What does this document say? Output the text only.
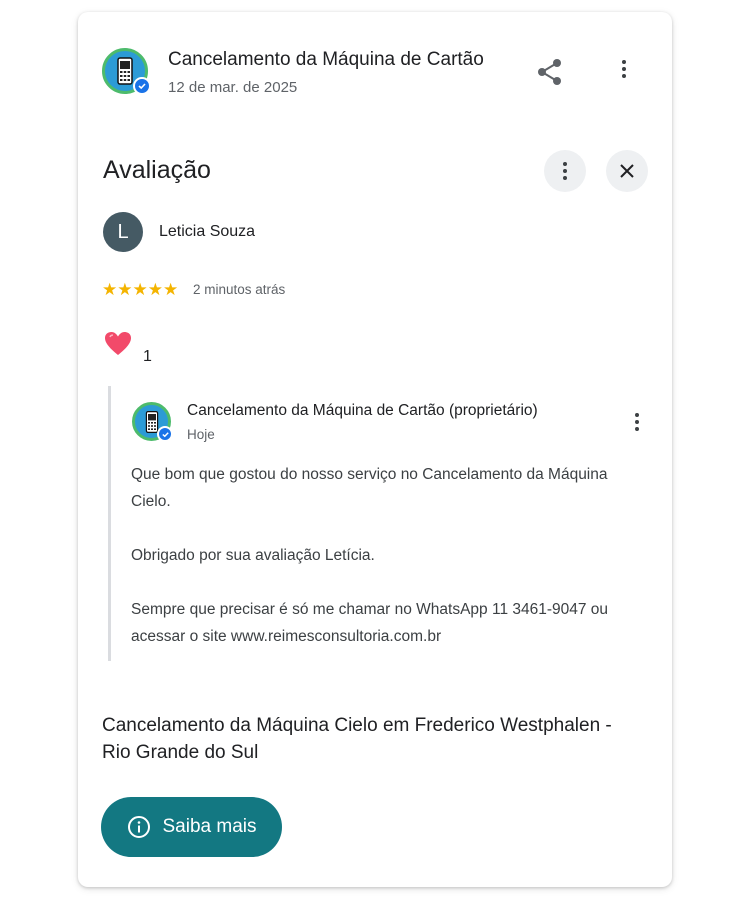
Cancelamento da Máquina de Cartão
12 de mar. de 2025
Avaliação
L	Leticia Souza
★★★★★ 2 minutos atrás
1
Cancelamento da Máquina de Cartão (proprietário)
Hoje
Que bom que gostou do nosso serviço no Cancelamento da Máquina Cielo.
Obrigado por sua avaliação Letícia.
Sempre que precisar é só me chamar no WhatsApp 11 3461-9047 ou acessar o site www.reimesconsultoria.com.br
Cancelamento da Máquina Cielo em Frederico Westphalen - Rio Grande do Sul
Saiba mais
